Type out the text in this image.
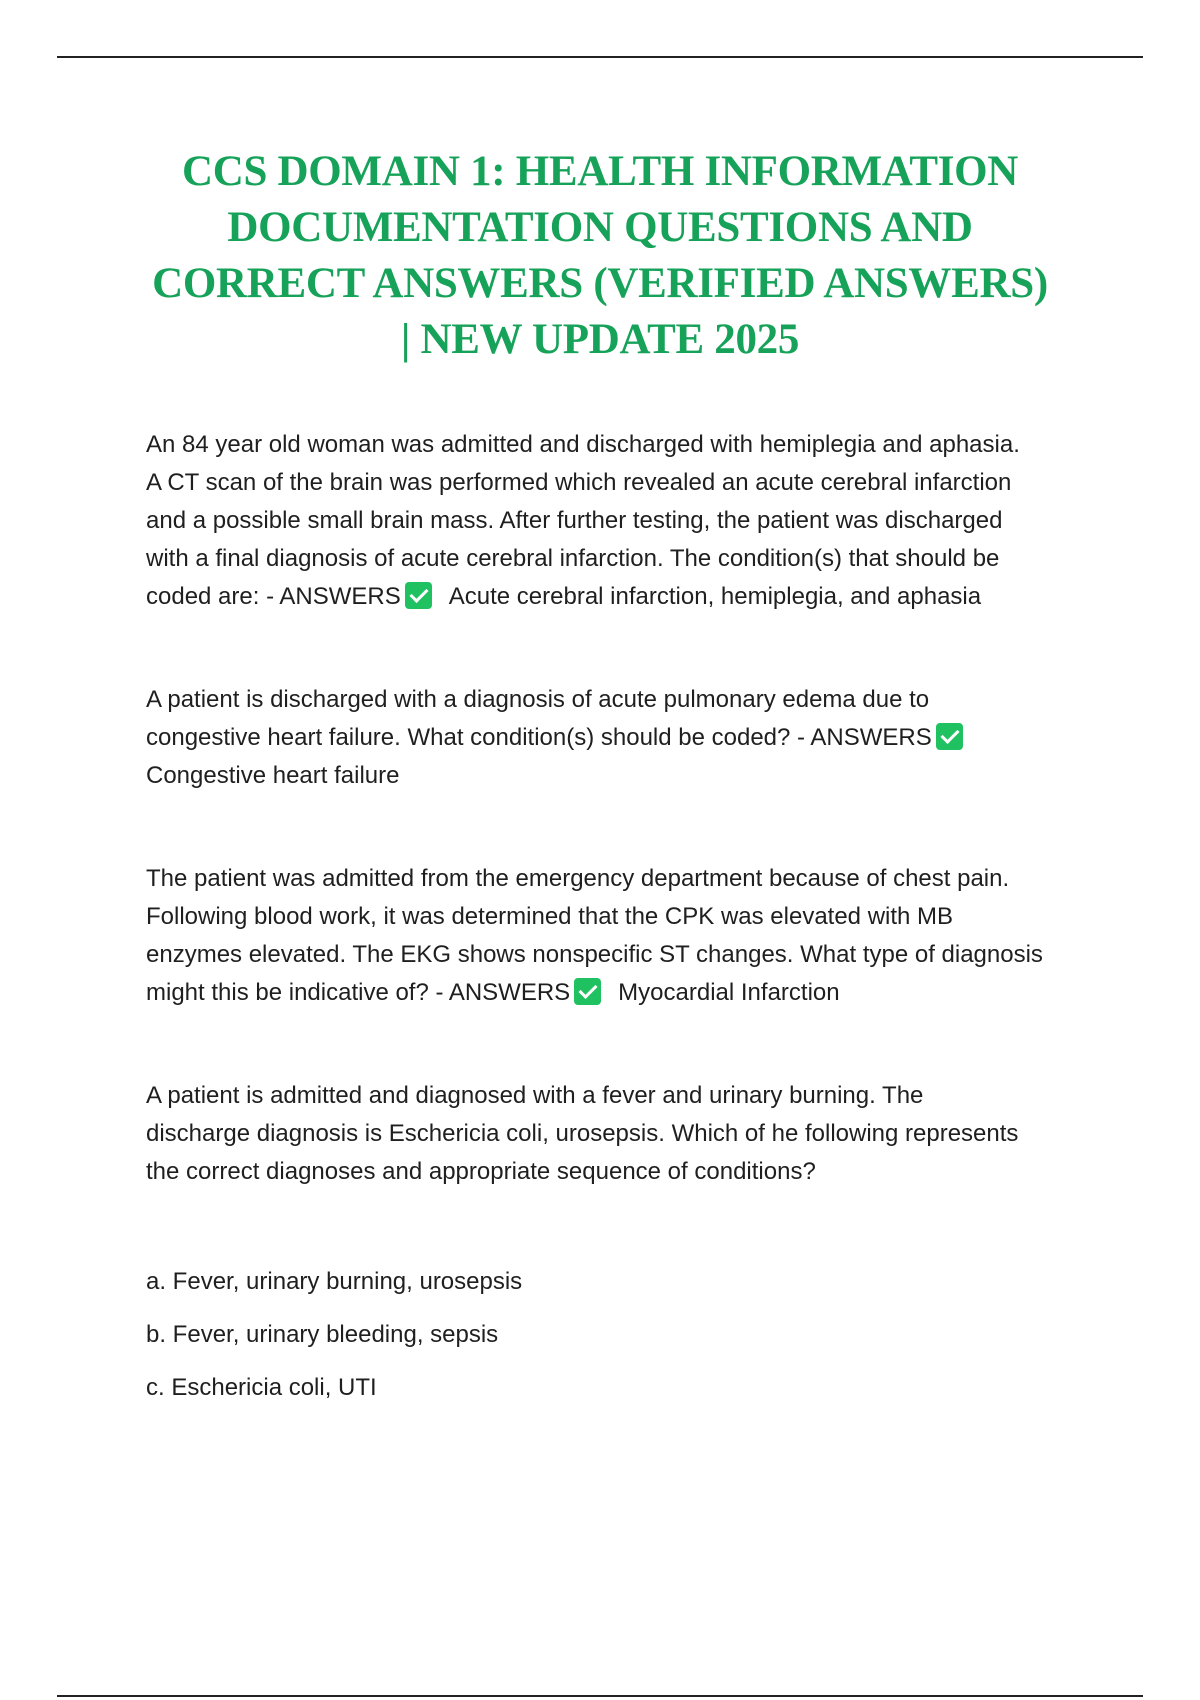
CCS DOMAIN 1: HEALTH INFORMATION
DOCUMENTATION QUESTIONS AND
CORRECT ANSWERS (VERIFIED ANSWERS)
| NEW UPDATE 2025

An 84 year old woman was admitted and discharged with hemiplegia and aphasia.
A CT scan of the brain was performed which revealed an acute cerebral infarction
and a possible small brain mass. After further testing, the patient was discharged
with a final diagnosis of acute cerebral infarction. The condition(s) that should be
coded are: - ANSWERS Acute cerebral infarction, hemiplegia, and aphasia

A patient is discharged with a diagnosis of acute pulmonary edema due to
congestive heart failure. What condition(s) should be coded? - ANSWERS
Congestive heart failure

The patient was admitted from the emergency department because of chest pain.
Following blood work, it was determined that the CPK was elevated with MB
enzymes elevated. The EKG shows nonspecific ST changes. What type of diagnosis
might this be indicative of? - ANSWERS Myocardial Infarction

A patient is admitted and diagnosed with a fever and urinary burning. The
discharge diagnosis is Eschericia coli, urosepsis. Which of he following represents
the correct diagnoses and appropriate sequence of conditions?
a. Fever, urinary burning, urosepsis
b. Fever, urinary bleeding, sepsis
c. Eschericia coli, UTI
